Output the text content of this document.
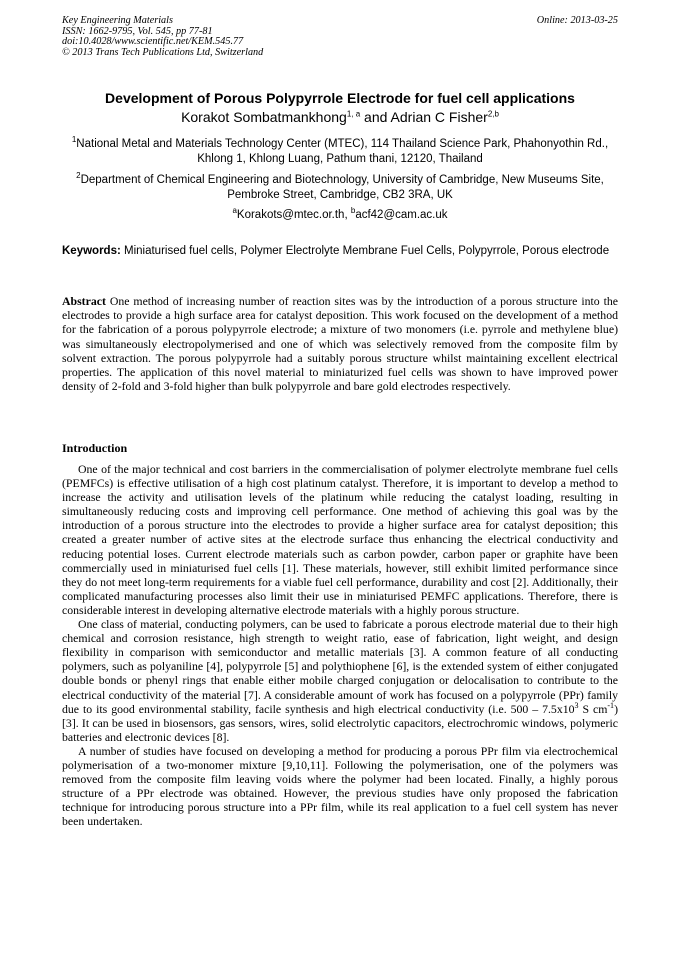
Key Engineering Materials
ISSN: 1662-9795, Vol. 545, pp 77-81
doi:10.4028/www.scientific.net/KEM.545.77
© 2013 Trans Tech Publications Ltd, Switzerland
Online: 2013-03-25
Development of Porous Polypyrrole Electrode for fuel cell applications
Korakot Sombatmankhong$^{1, a}$ and Adrian C Fisher$^{2,b}$
$^1$National Metal and Materials Technology Center (MTEC), 114 Thailand Science Park, Phahonyothin Rd., Khlong 1, Khlong Luang, Pathum thani, 12120, Thailand
$^2$Department of Chemical Engineering and Biotechnology, University of Cambridge, New Museums Site, Pembroke Street, Cambridge, CB2 3RA, UK
$^a$Korakots@mtec.or.th, $^b$acf42@cam.ac.uk
Keywords: Miniaturised fuel cells, Polymer Electrolyte Membrane Fuel Cells, Polypyrrole, Porous electrode
Abstract One method of increasing number of reaction sites was by the introduction of a porous structure into the electrodes to provide a high surface area for catalyst deposition. This work focused on the development of a method for the fabrication of a porous polypyrrole electrode; a mixture of two monomers (i.e. pyrrole and methylene blue) was simultaneously electropolymerised and one of which was selectively removed from the composite film by solvent extraction. The porous polypyrrole had a suitably porous structure whilst maintaining excellent electrical properties. The application of this novel material to miniaturized fuel cells was shown to have improved power density of 2-fold and 3-fold higher than bulk polypyrrole and bare gold electrodes respectively.
Introduction

One of the major technical and cost barriers in the commercialisation of polymer electrolyte membrane fuel cells (PEMFCs) is effective utilisation of a high cost platinum catalyst. Therefore, it is important to develop a method to increase the activity and utilisation levels of the platinum while reducing the catalyst loading, resulting in simultaneously reducing costs and improving cell performance. One method of achieving this goal was by the introduction of a porous structure into the electrodes to provide a higher surface area for catalyst deposition; this created a greater number of active sites at the electrode surface thus enhancing the electrical conductivity and reducing potential loses. Current electrode materials such as carbon powder, carbon paper or graphite have been commercially used in miniaturised fuel cells [1]. These materials, however, still exhibit limited performance since they do not meet long-term requirements for a viable fuel cell performance, durability and cost [2]. Additionally, their complicated manufacturing processes also limit their use in miniaturised PEMFC applications. Therefore, there is considerable interest in developing alternative electrode materials with a highly porous structure.

One class of material, conducting polymers, can be used to fabricate a porous electrode material due to their high chemical and corrosion resistance, high strength to weight ratio, ease of fabrication, light weight, and design flexibility in comparison with semiconductor and metallic materials [3]. A common feature of all conducting polymers, such as polyaniline [4], polypyrrole [5] and polythiophene [6], is the extended system of either conjugated double bonds or phenyl rings that enable either mobile charged conjugation or delocalisation to contribute to the electrical conductivity of the material [7]. A considerable amount of work has focused on a polypyrrole (PPr) family due to its good environmental stability, facile synthesis and high electrical conductivity (i.e. $500 - 7.5x10^3$ S $cm^{-1}$) [3]. It can be used in biosensors, gas sensors, wires, solid electrolytic capacitors, electrochromic windows, polymeric batteries and electronic devices [8].

A number of studies have focused on developing a method for producing a porous PPr film via electrochemical polymerisation of a two-monomer mixture [9,10,11]. Following the polymerisation, one of the polymers was removed from the composite film leaving voids where the polymer had been located. Finally, a highly porous structure of a PPr electrode was obtained. However, the previous studies have only proposed the fabrication technique for introducing porous structure into a PPr film, while its real application to a fuel cell system has never been undertaken.
